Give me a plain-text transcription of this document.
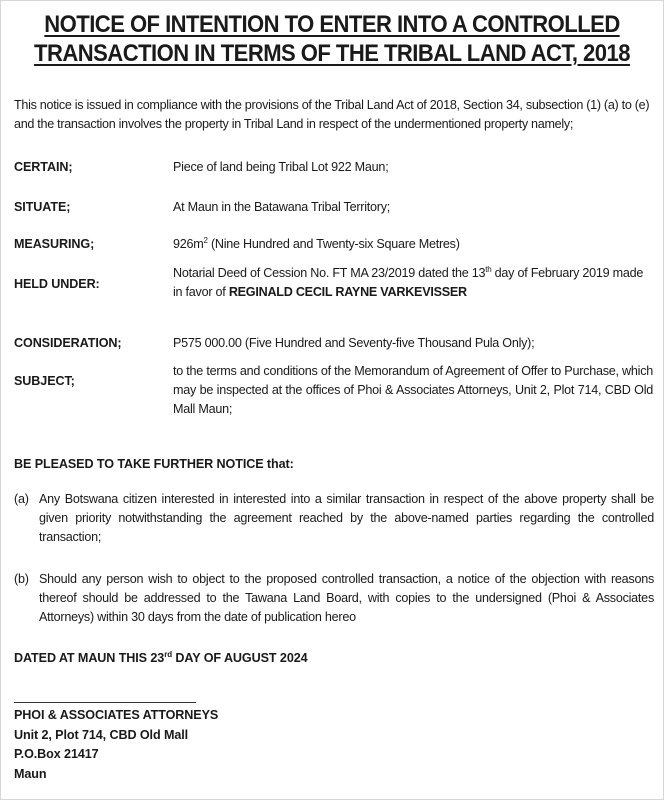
NOTICE OF INTENTION TO ENTER INTO A CONTROLLED
TRANSACTION IN TERMS OF THE TRIBAL LAND ACT, 2018
This notice is issued in compliance with the provisions of the Tribal Land Act of 2018, Section 34, subsection (1) (a) to (e) and the transaction involves the property in Tribal Land in respect of the undermentioned property namely;
CERTAIN;	Piece of land being Tribal Lot 922 Maun;
SITUATE;	At Maun in the Batawana Tribal Territory;
MEASURING;	$926m^2$ (Nine Hundred and Twenty-six Square Metres)
HELD UNDER:
Notarial Deed of Cession No. FT MA 23/2019 dated the 13th day of February 2019 made in favor of REGINALD CECIL RAYNE VARKEVISSER
CONSIDERATION;	P575 000.00 (Five Hundred and Seventy-five Thousand Pula Only);
SUBJECT;
to the terms and conditions of the Memorandum of Agreement of Offer to Purchase, which may be inspected at the offices of Phoi & Associates Attorneys, Unit 2, Plot 714, CBD Old Mall Maun;
BE PLEASED TO TAKE FURTHER NOTICE that:
(a) Any Botswana citizen interested in interested into a similar transaction in respect of the above property shall be given priority notwithstanding the agreement reached by the above-named parties regarding the controlled transaction;
(b) Should any person wish to object to the proposed controlled transaction, a notice of the objection with reasons thereof should be addressed to the Tawana Land Board, with copies to the undersigned (Phoi & Associates Attorneys) within 30 days from the date of publication hereo
DATED AT MAUN THIS 23rd DAY OF AUGUST 2024
PHOI & ASSOCIATES ATTORNEYS
Unit 2, Plot 714, CBD Old Mall
P.O.Box 21417
Maun
